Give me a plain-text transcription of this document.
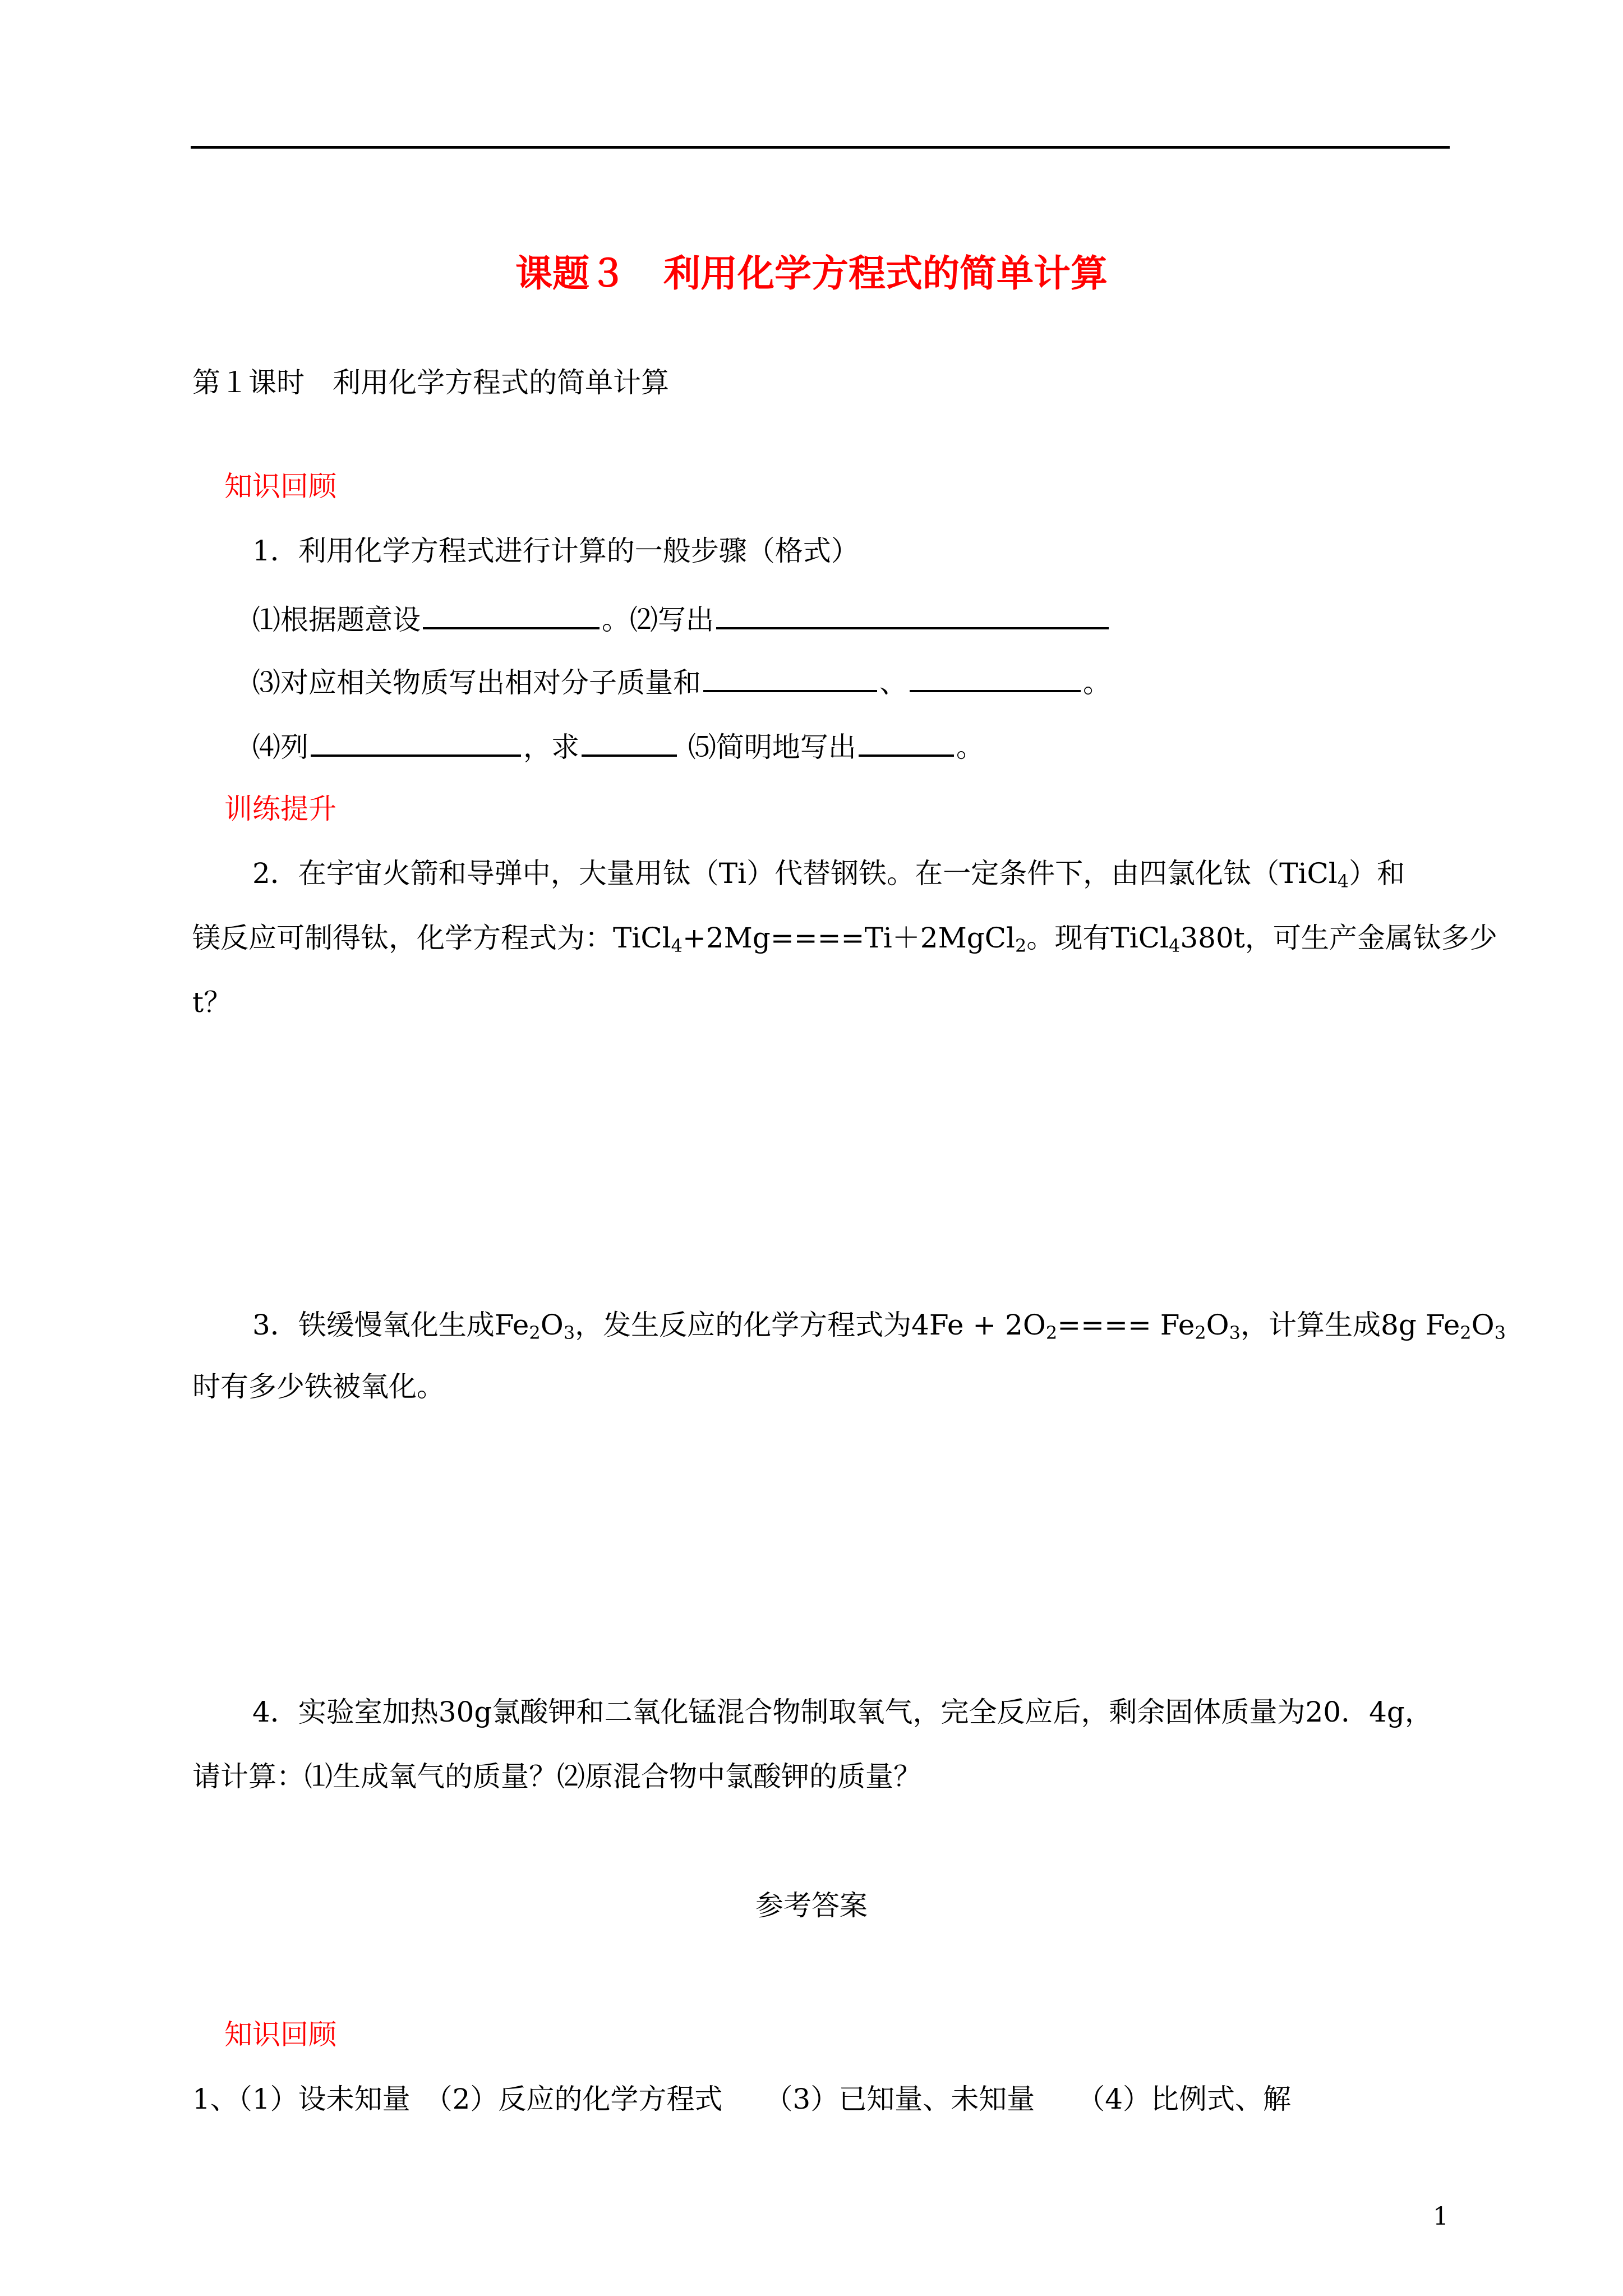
课题３　利用化学方程式的简单计算
第１课时　利用化学方程式的简单计算
知识回顾
1．利用化学方程式进行计算的一般步骤（格式）
⑴根据题意设	。⑵写出
⑶对应相关物质写出相对分子质量和	、	。
⑷列	，求	⑸简明地写出	。
训练提升
2．在宇宙火箭和导弹中，大量用钛（Ti）代替钢铁。在一定条件下，由四氯化钛（TiCl$_4$）和
镁反应可制得钛，化学方程式为：TiCl$_4$+2Mg====Ti＋2MgCl$_2$。现有TiCl$_4$380t，可生产金属钛多少
t？
3．铁缓慢氧化生成$Fe_2O_3$，发生反应的化学方程式为$4Fe + 2O_2==== Fe_2O_3$，计算生成8g $Fe_2O_3$
时有多少铁被氧化。
4．实验室加热30g氯酸钾和二氧化锰混合物制取氧气，完全反应后，剩余固体质量为20．4g，
请计算：⑴生成氧气的质量？⑵原混合物中氯酸钾的质量？
参考答案
知识回顾
1、（1）设未知量　（2）反应的化学方程式　　（3）已知量、未知量　　（4）比例式、解
1
